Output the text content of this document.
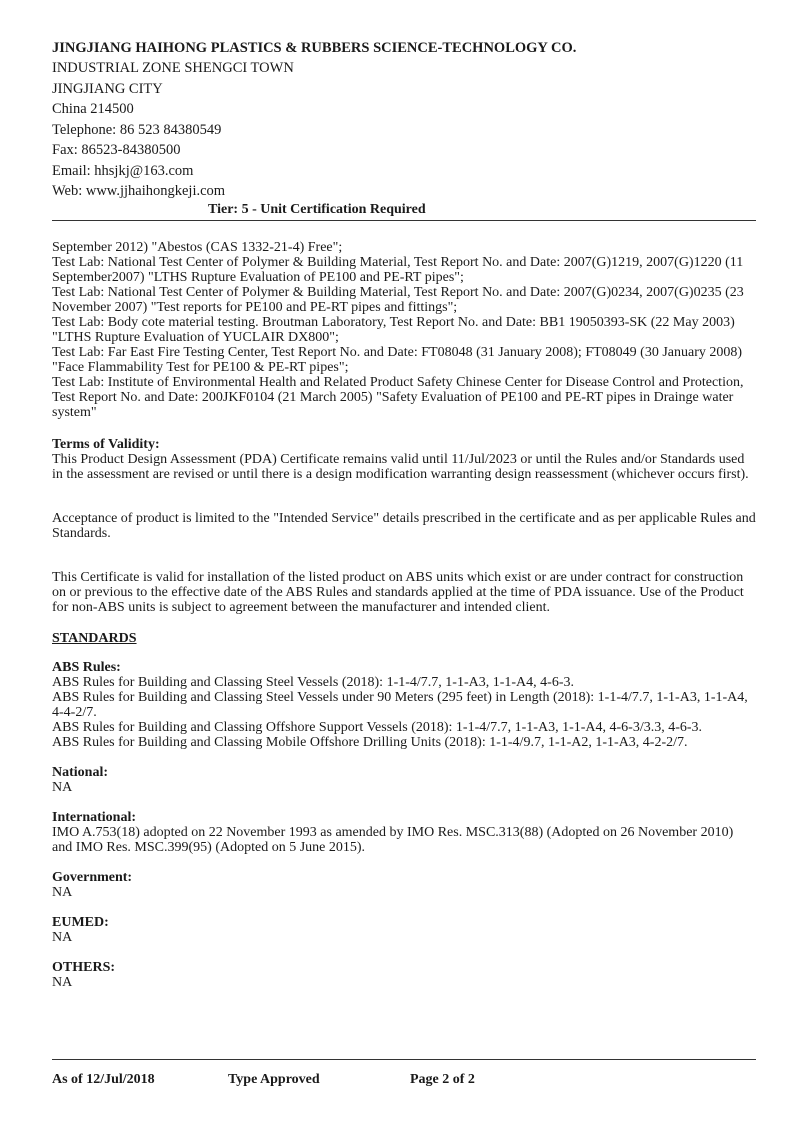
JINGJIANG HAIHONG PLASTICS & RUBBERS SCIENCE-TECHNOLOGY CO.

INDUSTRIAL ZONE SHENGCI TOWN

JINGJIANG CITY

China 214500

Telephone: 86 523 84380549

Fax: 86523-84380500

Email: hhsjkj@163.com

Web: www.jjhaihongkeji.com

Tier: 5 - Unit Certification Required

September 2012) "Abestos (CAS 1332-21-4) Free";
Test Lab: National Test Center of Polymer & Building Material, Test Report No. and Date: 2007(G)1219, 2007(G)1220 (11 September2007) "LTHS Rupture Evaluation of PE100 and PE-RT pipes";
Test Lab: National Test Center of Polymer & Building Material, Test Report No. and Date: 2007(G)0234, 2007(G)0235 (23 November 2007) "Test reports for PE100 and PE-RT pipes and fittings";
Test Lab: Body cote material testing. Broutman Laboratory, Test Report No. and Date: BB1 19050393-SK (22 May 2003) "LTHS Rupture Evaluation of YUCLAIR DX800";
Test Lab: Far East Fire Testing Center, Test Report No. and Date: FT08048 (31 January 2008); FT08049 (30 January 2008) "Face Flammability Test for PE100 & PE-RT pipes";
Test Lab: Institute of Environmental Health and Related Product Safety Chinese Center for Disease Control and Protection, Test Report No. and Date: 200JKF0104 (21 March 2005) "Safety Evaluation of PE100 and PE-RT pipes in Drainge water system"

Terms of Validity:

This Product Design Assessment (PDA) Certificate remains valid until 11/Jul/2023 or until the Rules and/or Standards used in the assessment are revised or until there is a design modification warranting design reassessment (whichever occurs first).

Acceptance of product is limited to the "Intended Service" details prescribed in the certificate and as per applicable Rules and Standards.

This Certificate is valid for installation of the listed product on ABS units which exist or are under contract for construction on or previous to the effective date of the ABS Rules and standards applied at the time of PDA issuance. Use of the Product for non-ABS units is subject to agreement between the manufacturer and intended client.

STANDARDS

ABS Rules:

ABS Rules for Building and Classing Steel Vessels (2018): 1-1-4/7.7, 1-1-A3, 1-1-A4, 4-6-3.

ABS Rules for Building and Classing Steel Vessels under 90 Meters (295 feet) in Length (2018): 1-1-4/7.7, 1-1-A3, 1-1-A4, 4-4-2/7.

ABS Rules for Building and Classing Offshore Support Vessels (2018): 1-1-4/7.7, 1-1-A3, 1-1-A4, 4-6-3/3.3, 4-6-3.

ABS Rules for Building and Classing Mobile Offshore Drilling Units (2018): 1-1-4/9.7, 1-1-A2, 1-1-A3, 4-2-2/7.

National:

NA

International:

IMO A.753(18) adopted on 22 November 1993 as amended by IMO Res. MSC.313(88) (Adopted on 26 November 2010) and IMO Res. MSC.399(95) (Adopted on 5 June 2015).

Government:

NA

EUMED:

NA

OTHERS:

NA

As of 12/Jul/2018	Type Approved	Page 2 of 2
